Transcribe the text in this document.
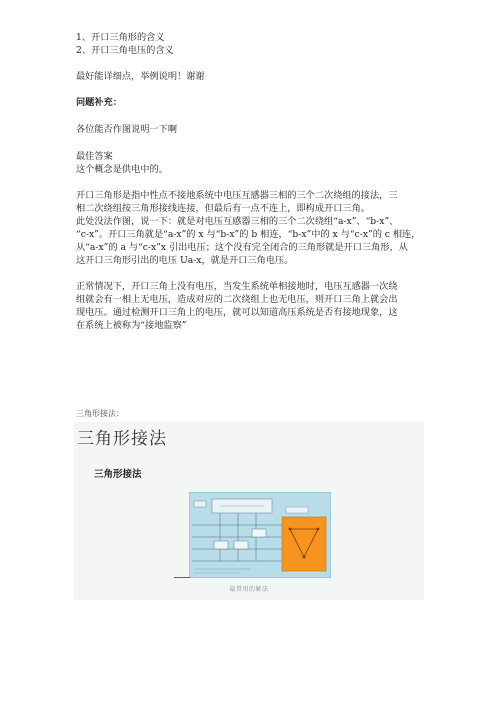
1、开口三角形的含义
2、开口三角电压的含义
最好能详细点，举例说明！谢谢
问题补充：
各位能否作图说明一下啊
最佳答案
这个概念是供电中的。
开口三角形是指中性点不接地系统中电压互感器三相的三个二次绕组的接法，三
相二次绕组按三角形接线连接，但最后有一点不连上，即构成开口三角。
此处没法作图，说一下：就是对电压互感器三相的三个二次绕组“a-x”、“b-x”、
“c-x”。开口三角就是“a-x”的 x 与“b-x”的 b 相连，“b-x”中的 x 与“c-x”的 c 相连，
从“a-x”的 a 与“c-x”x 引出电压；这个没有完全闭合的三角形就是开口三角形，从
这开口三角形引出的电压 Ua-x，就是开口三角电压。
正常情况下，开口三角上没有电压，当发生系统单相接地时，电压互感器一次绕
组就会有一相上无电压，造成对应的二次绕组上也无电压，则开口三角上就会出
现电压。通过检测开口三角上的电压，就可以知道高压系统是否有接地现象，这
在系统上被称为“接地监察”
三角形接法：
三角形接法
三角形接法
最常用的解法
